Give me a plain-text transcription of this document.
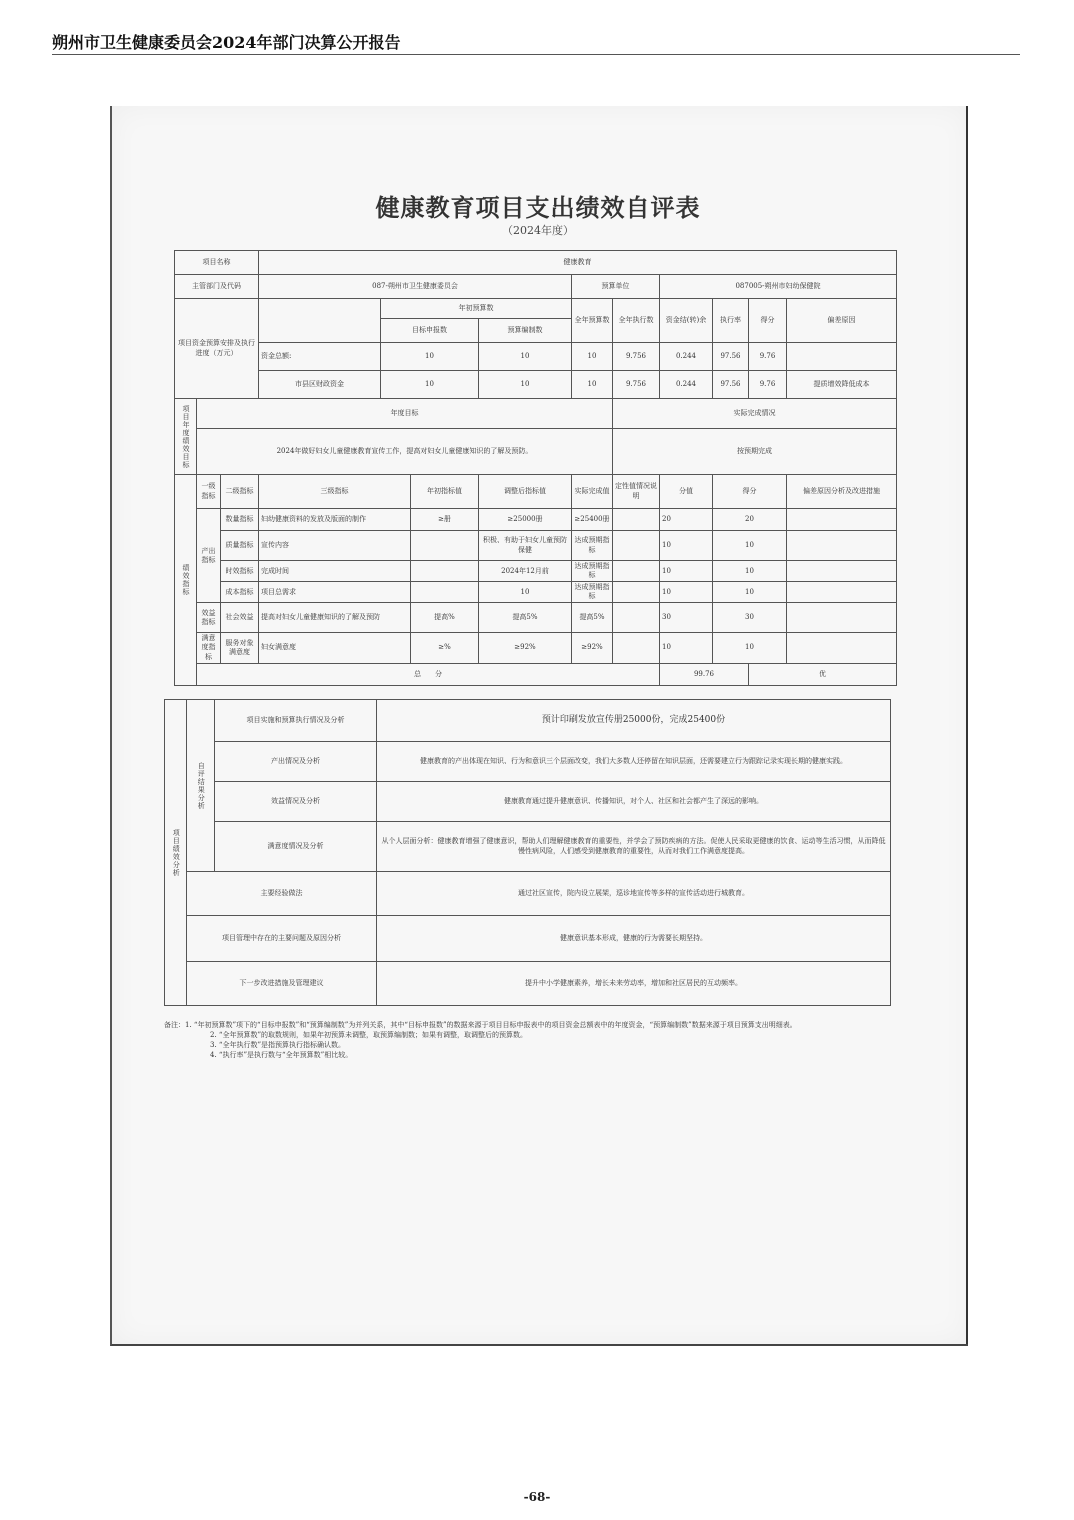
朔州市卫生健康委员会2024年部门决算公开报告
健康教育项目支出绩效自评表
（2024年度）
项目名称			健康教育									
主管部门及代码			087-朔州市卫生健康委员会				预算单位		087005-朔州市妇幼保健院			
项目资金预算安排及执行进度（万元）				年初预算数			全年预算数	全年执行数	资金结(转)余	执行率	得分	偏差原因
				目标申报数		预算编制数						
			资金总额:	10		10	10	9.756	0.244	97.56	9.76	
			市县区财政资金	10		10	10	9.756	0.244	97.56	9.76	提质增效降低成本

项目年度绩效目标	年度目标							实际完成情况				
	2024年做好妇女儿童健康教育宣传工作，提高对妇女儿童健康知识的了解及预防。							按预期完成				

绩效指标	一级指标	二级指标	三级指标		年初指标值	调整后指标值	实际完成值	定性值情况说明	分值	得分		偏差原因分析及改进措施
	产出指标	数量指标	妇幼健康资料的发放及版面的制作		≥册	≥25000册	≥25400册		20	20		
		质量指标	宣传内容			积极、有助于妇女儿童预防保健	达成预期指标		10	10		
		时效指标	完成时间			2024年12月前	达成预期指标		10	10		
		成本指标	项目总需求			10	达成预期指标		10	10		
	效益指标	社会效益	提高对妇女儿童健康知识的了解及预防		提高%	提高5%	提高5%		30	30		
	满意度指标	服务对象满意度	妇女满意度		≥%	≥92%	≥92%		10	10		
	总　　分								99.76		优	
项目绩效分析	自评结果分析	项目实施和预算执行情况及分析	预计印刷发放宣传册25000份，完成25400份
		产出情况及分析	健康教育的产出体现在知识、行为和意识三个层面改变，我们大多数人还停留在知识层面，还需要建立行为跟踪记录实现长期的健康实践。
		效益情况及分析	健康教育通过提升健康意识、传播知识，对个人、社区和社会都产生了深远的影响。
		满意度情况及分析	从个人层面分析：健康教育增强了健康意识，帮助人们理解健康教育的重要性，并学会了预防疾病的方法。促使人民采取更健康的饮食、运动等生活习惯，从而降低慢性病风险，人们感受到健康教育的重要性，从而对我们工作满意度提高。
	主要经验做法		通过社区宣传，院内设立展架，巡诊地宣传等多样的宣传活动进行城教育。
	项目管理中存在的主要问题及原因分析		健康意识基本形成，健康的行为需要长期坚持。
	下一步改进措施及管理建议		提升中小学健康素养，增长未来劳动率，增加和社区居民的互动频率。

备注：1. “年初预算数”项下的“目标申报数”和“预算编制数”为并列关系，其中“目标申报数”的数据来源于项目目标申报表中的项目资金总额表中的年度资金，“预算编制数”数据来源于项目预算支出明细表。

2. “全年预算数”的取数规则，如果年初预算未调整，取预算编制数；如果有调整，取调整后的预算数。

3. “全年执行数”是指预算执行指标确认数。

4. “执行率”是执行数与“全年预算数”相比较。

-68-
